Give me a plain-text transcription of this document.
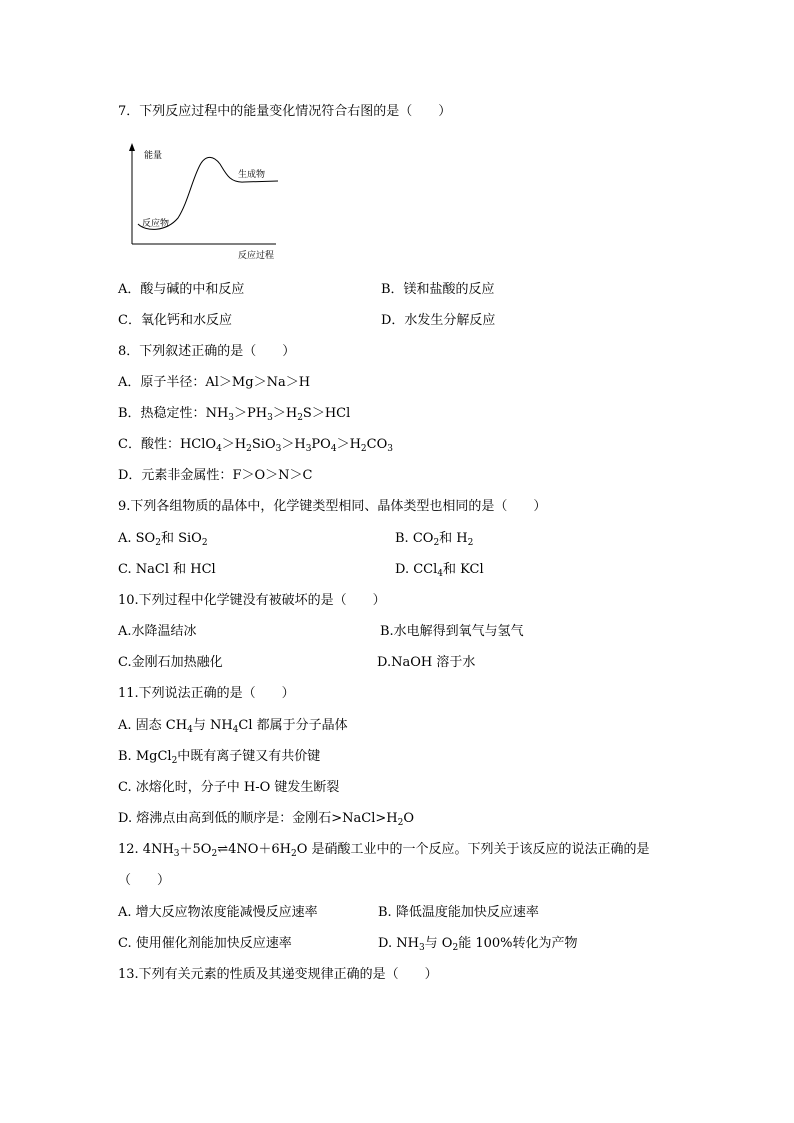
7．下列反应过程中的能量变化情况符合右图的是（　　）
能量
反应过程
反应物
生成物
A．酸与碱的中和反应	B．镁和盐酸的反应
C．氧化钙和水反应	D．水发生分解反应
8．下列叙述正确的是（　　）
A．原子半径：Al＞Mg＞Na＞H
B．热稳定性：$NH_3>PH_3>H_2S>HCl$
C．酸性：$HClO_4>H_2SiO_3>H_3PO_4>H_2CO_3$
D．元素非金属性：F＞O＞N＞C
9.下列各组物质的晶体中，化学键类型相同、晶体类型也相同的是（　　）
A. $SO_2$和 SiO$_2$	B. $CO_2$和 $H_2$
C. NaCl 和 HCl	D. CCl$_4$和 KCl
10.下列过程中化学键没有被破坏的是（　　）
A.水降温结冰	B.水电解得到氧气与氢气
C.金刚石加热融化	D.NaOH 溶于水
11.下列说法正确的是（　　）
A. 固态 $CH_4$与 $NH_4Cl$ 都属于分子晶体
B. MgCl$_2$中既有离子键又有共价键
C. 冰熔化时，分子中 H-O 键发生断裂
D. 熔沸点由高到低的顺序是：金刚石$>NaCl>H_2O$
12. $4NH_3+5O_2\rightleftharpoons 4NO+6H_2O$ 是硝酸工业中的一个反应。下列关于该反应的说法正确的是
（　　）
A. 增大反应物浓度能减慢反应速率	B. 降低温度能加快反应速率
C. 使用催化剂能加快反应速率	D. $NH_3$与 $O_2$能 100%转化为产物
13.下列有关元素的性质及其递变规律正确的是（　　）
